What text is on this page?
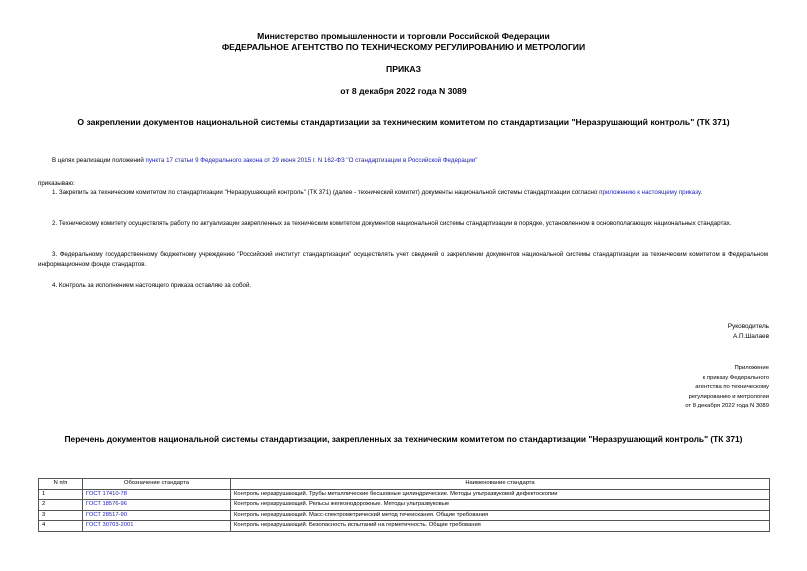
Министерство промышленности и торговли Российской Федерации
ФЕДЕРАЛЬНОЕ АГЕНТСТВО ПО ТЕХНИЧЕСКОМУ РЕГУЛИРОВАНИЮ И МЕТРОЛОГИИ
ПРИКАЗ
от 8 декабря 2022 года N 3089
О закреплении документов национальной системы стандартизации за техническим комитетом по стандартизации "Неразрушающий контроль" (ТК 371)
В целях реализации положений пункта 17 статьи 9 Федерального закона от 29 июня 2015 г. N 162-ФЗ "О стандартизации в Российской Федерации"
приказываю:
1. Закрепить за техническим комитетом по стандартизации "Неразрушающий контроль" (ТК 371) (далее - технический комитет) документы национальной системы стандартизации согласно приложению к настоящему приказу.
2. Техническому комитету осуществлять работу по актуализации закрепленных за техническим комитетом документов национальной системы стандартизации в порядке, установленном в основополагающих национальных стандартах.
3. Федеральному государственному бюджетному учреждению "Российский институт стандартизации" осуществлять учет сведений о закреплении документов национальной системы стандартизации за техническим комитетом в Федеральном информационном фонде стандартов.
4. Контроль за исполнением настоящего приказа оставляю за собой.
Руководитель
А.П.Шалаев
Приложение
к приказу Федерального
агентства по техническому
регулированию и метрологии
от 8 декабря 2022 года N 3089
Перечень документов национальной системы стандартизации, закрепленных за техническим комитетом по стандартизации "Неразрушающий контроль" (ТК 371)
N п/п	Обозначение стандарта	Наименование стандарта
1	ГОСТ 17410-78	Контроль неразрушающий. Трубы металлические бесшовные цилиндрические. Методы ультразвуковой дефектоскопии
2	ГОСТ 18576-96	Контроль неразрушающий. Рельсы железнодорожные. Методы ультразвуковые
3	ГОСТ 28517-90	Контроль неразрушающий. Масс-спектрометрический метод течеискания. Общие требования
4	ГОСТ 30703-2001	Контроль неразрушающий. Безопасность испытаний на герметичность. Общие требования
